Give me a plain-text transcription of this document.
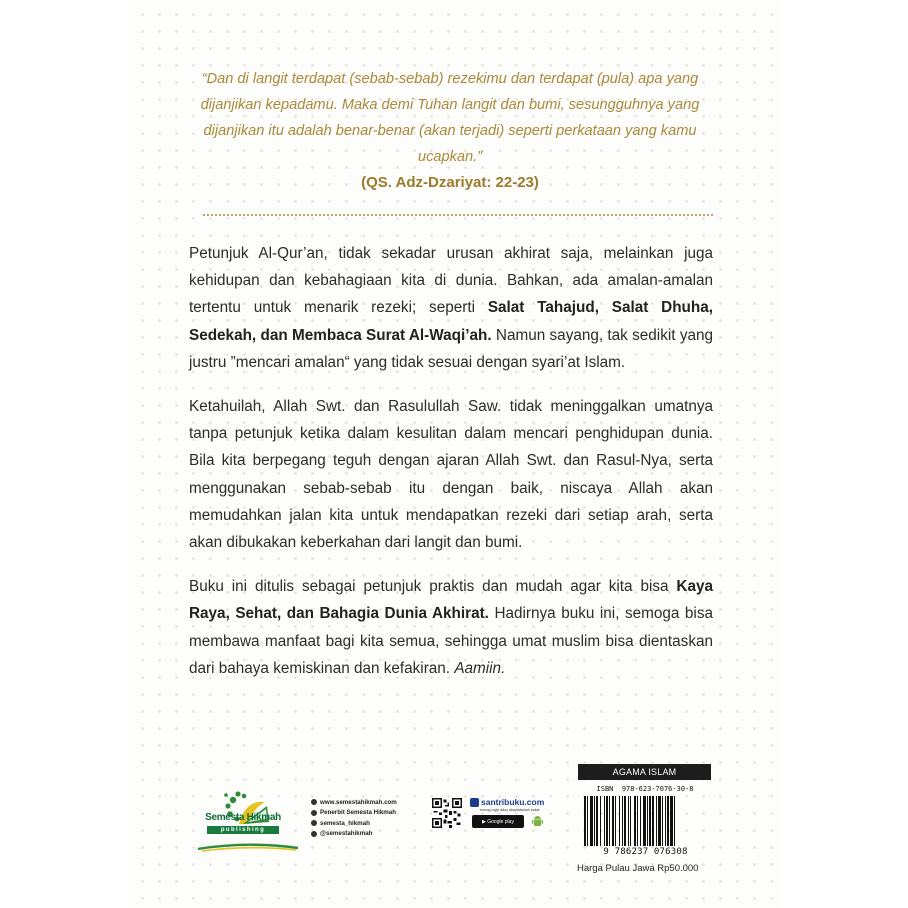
“Dan di langit terdapat (sebab-sebab) rezekimu dan terdapat (pula) apa yang dijanjikan kepadamu. Maka demi Tuhan langit dan bumi, sesungguhnya yang dijanjikan itu adalah benar-benar (akan terjadi) seperti perkataan yang kamu ucapkan.”
(QS. Adz-Dzariyat: 22-23)

Petunjuk Al-Qur’an, tidak sekadar urusan akhirat saja, melainkan juga kehidupan dan kebahagiaan kita di dunia. Bahkan, ada amalan-amalan tertentu untuk menarik rezeki; seperti Salat Tahajud, Salat Dhuha, Sedekah, dan Membaca Surat Al-Waqi’ah. Namun sayang, tak sedikit yang justru ”mencari amalan“ yang tidak sesuai dengan syari’at Islam.

Ketahuilah, Allah Swt. dan Rasulullah Saw. tidak meninggalkan umatnya tanpa petunjuk ketika dalam kesulitan dalam mencari penghidupan dunia. Bila kita berpegang teguh dengan ajaran Allah Swt. dan Rasul-Nya, serta menggunakan sebab-sebab itu dengan baik, niscaya Allah akan memudahkan jalan kita untuk mendapatkan rezeki dari setiap arah, serta akan dibukakan keberkahan dari langit dan bumi.

Buku ini ditulis sebagai petunjuk praktis dan mudah agar kita bisa Kaya Raya, Sehat, dan Bahagia Dunia Akhirat. Hadirnya buku ini, semoga bisa membawa manfaat bagi kita semua, sehingga umat muslim bisa dientaskan dari bahaya kemiskinan dan kefakiran. Aamiin.

Semesta Hikmah
publishing
www.semestahikmah.com
Penerbit Semesta Hikmah
semesta_hikmah
@semestahikmah
santribuku.com
ewong myip adoy abaytabanah bukat
▶ Google play
AGAMA ISLAM
ISBN  978-623-7076-30-8
9 786237 076308
Harga Pulau Jawa Rp50.000
